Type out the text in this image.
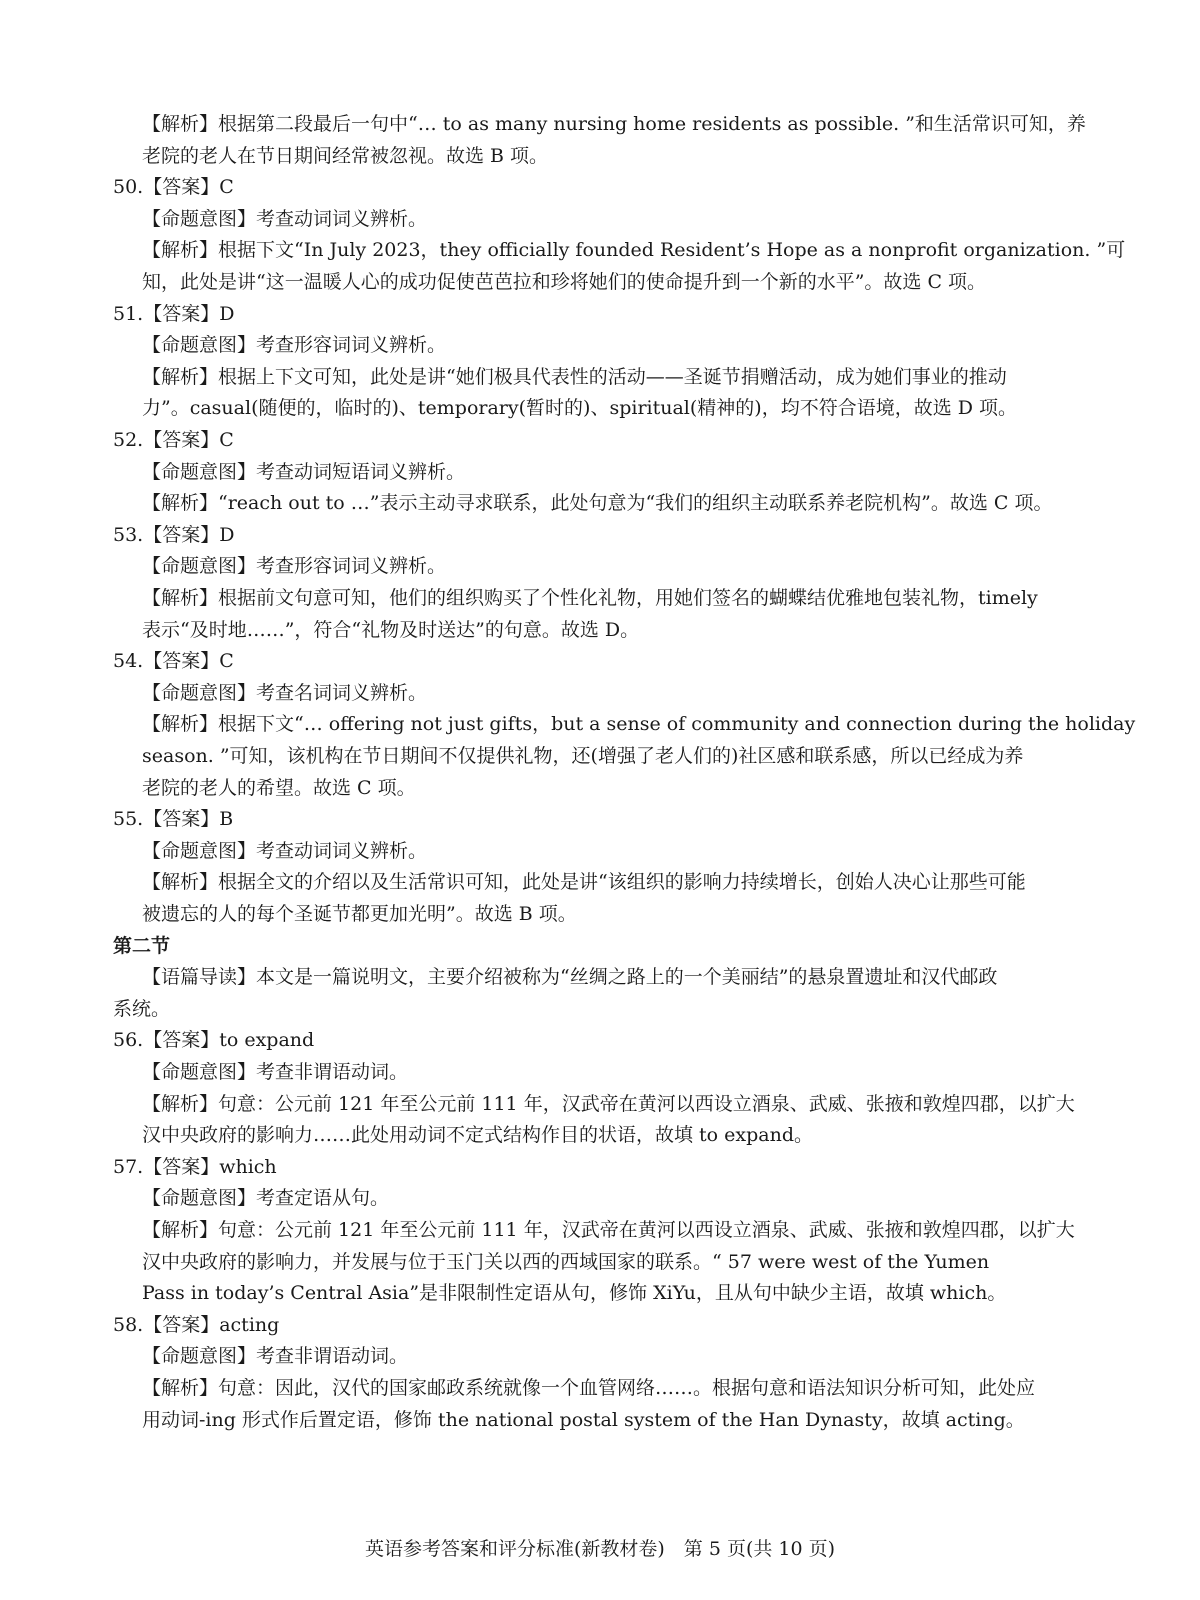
【解析】根据第二段最后一句中“… to as many nursing home residents as possible. ”和生活常识可知，养
老院的老人在节日期间经常被忽视。故选 B 项。
50.【答案】C
【命题意图】考查动词词义辨析。
【解析】根据下文“In July 2023，they officially founded Resident’s Hope as a nonprofit organization. ”可
知，此处是讲“这一温暖人心的成功促使芭芭拉和珍将她们的使命提升到一个新的水平”。故选 C 项。
51.【答案】D
【命题意图】考查形容词词义辨析。
【解析】根据上下文可知，此处是讲“她们极具代表性的活动——圣诞节捐赠活动，成为她们事业的推动
力”。casual(随便的，临时的)、temporary(暂时的)、spiritual(精神的)，均不符合语境，故选 D 项。
52.【答案】C
【命题意图】考查动词短语词义辨析。
【解析】“reach out to …”表示主动寻求联系，此处句意为“我们的组织主动联系养老院机构”。故选 C 项。
53.【答案】D
【命题意图】考查形容词词义辨析。
【解析】根据前文句意可知，他们的组织购买了个性化礼物，用她们签名的蝴蝶结优雅地包装礼物，timely
表示“及时地……”，符合“礼物及时送达”的句意。故选 D。
54.【答案】C
【命题意图】考查名词词义辨析。
【解析】根据下文“… offering not just gifts，but a sense of community and connection during the holiday
season. ”可知，该机构在节日期间不仅提供礼物，还(增强了老人们的)社区感和联系感，所以已经成为养
老院的老人的希望。故选 C 项。
55.【答案】B
【命题意图】考查动词词义辨析。
【解析】根据全文的介绍以及生活常识可知，此处是讲“该组织的影响力持续增长，创始人决心让那些可能
被遗忘的人的每个圣诞节都更加光明”。故选 B 项。
第二节
【语篇导读】本文是一篇说明文，主要介绍被称为“丝绸之路上的一个美丽结”的悬泉置遗址和汉代邮政
系统。
56.【答案】to expand
【命题意图】考查非谓语动词。
【解析】句意：公元前 121 年至公元前 111 年，汉武帝在黄河以西设立酒泉、武威、张掖和敦煌四郡，以扩大
汉中央政府的影响力……此处用动词不定式结构作目的状语，故填 to expand。
57.【答案】which
【命题意图】考查定语从句。
【解析】句意：公元前 121 年至公元前 111 年，汉武帝在黄河以西设立酒泉、武威、张掖和敦煌四郡，以扩大
汉中央政府的影响力，并发展与位于玉门关以西的西域国家的联系。“ 57 were west of the Yumen
Pass in today’s Central Asia”是非限制性定语从句，修饰 XiYu，且从句中缺少主语，故填 which。
58.【答案】acting
【命题意图】考查非谓语动词。
【解析】句意：因此，汉代的国家邮政系统就像一个血管网络……。根据句意和语法知识分析可知，此处应
用动词-ing 形式作后置定语，修饰 the national postal system of the Han Dynasty，故填 acting。
英语参考答案和评分标准(新教材卷)　第 5 页(共 10 页)
